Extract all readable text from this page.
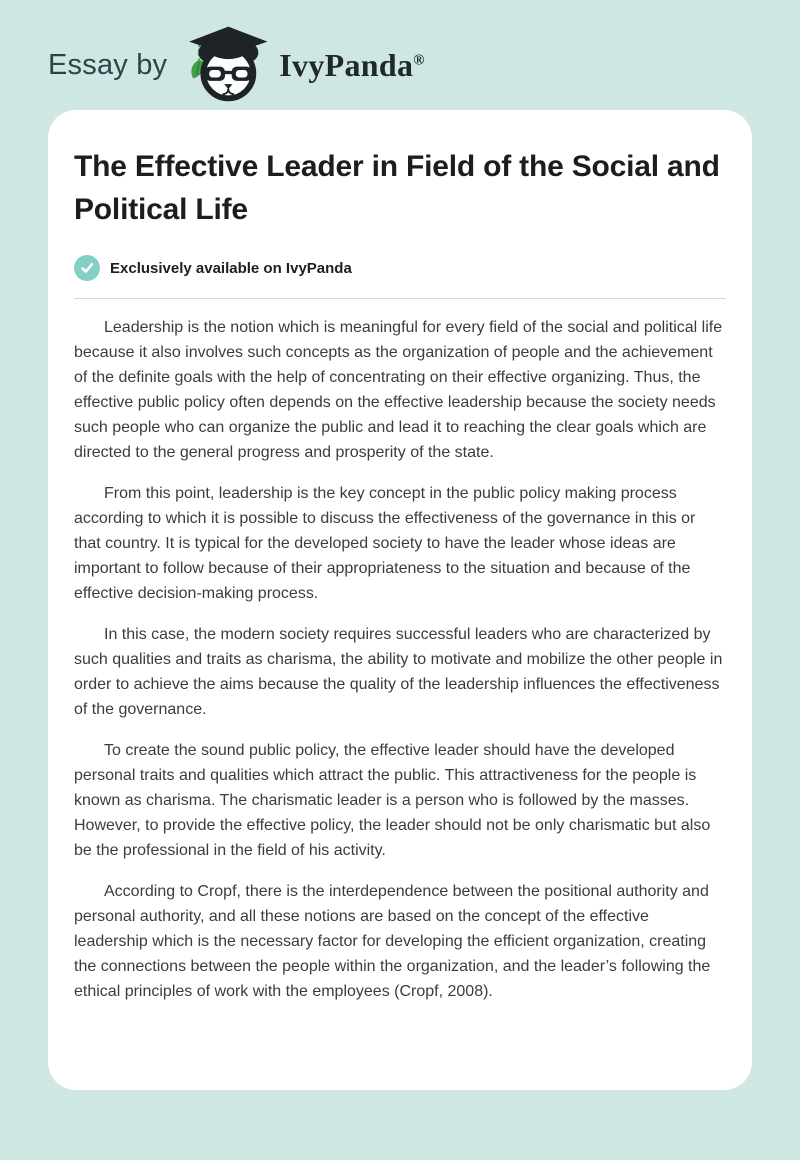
Essay by	IvyPanda®
The Effective Leader in Field of the Social and Political Life
Exclusively available on IvyPanda

Leadership is the notion which is meaningful for every field of the social and political life because it also involves such concepts as the organization of people and the achievement of the definite goals with the help of concentrating on their effective organizing. Thus, the effective public policy often depends on the effective leadership because the society needs such people who can organize the public and lead it to reaching the clear goals which are directed to the general progress and prosperity of the state.

From this point, leadership is the key concept in the public policy making process according to which it is possible to discuss the effectiveness of the governance in this or that country. It is typical for the developed society to have the leader whose ideas are important to follow because of their appropriateness to the situation and because of the effective decision-making process.

In this case, the modern society requires successful leaders who are characterized by such qualities and traits as charisma, the ability to motivate and mobilize the other people in order to achieve the aims because the quality of the leadership influences the effectiveness of the governance.

To create the sound public policy, the effective leader should have the developed personal traits and qualities which attract the public. This attractiveness for the people is known as charisma. The charismatic leader is a person who is followed by the masses. However, to provide the effective policy, the leader should not be only charismatic but also be the professional in the field of his activity.

According to Cropf, there is the interdependence between the positional authority and personal authority, and all these notions are based on the concept of the effective leadership which is the necessary factor for developing the efficient organization, creating the connections between the people within the organization, and the leader’s following the ethical principles of work with the employees (Cropf, 2008).
